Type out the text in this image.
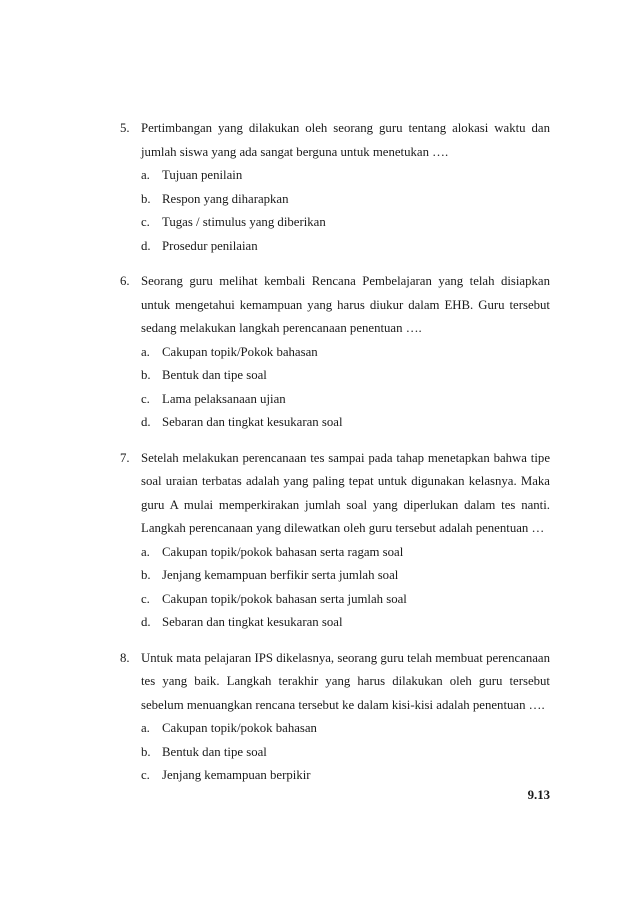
5. Pertimbangan yang dilakukan oleh seorang guru tentang alokasi waktu dan jumlah siswa yang ada sangat berguna untuk menetukan ….
a. Tujuan penilain
b. Respon yang diharapkan
c. Tugas / stimulus yang diberikan
d. Prosedur penilaian
6. Seorang guru melihat kembali Rencana Pembelajaran yang telah disiapkan untuk mengetahui kemampuan yang harus diukur dalam EHB. Guru tersebut sedang melakukan langkah perencanaan penentuan ….
a. Cakupan topik/Pokok bahasan
b. Bentuk dan tipe soal
c. Lama pelaksanaan ujian
d. Sebaran dan tingkat kesukaran soal
7. Setelah melakukan perencanaan tes sampai pada tahap menetapkan bahwa tipe soal uraian terbatas adalah yang paling tepat untuk digunakan kelasnya. Maka guru A mulai memperkirakan jumlah soal yang diperlukan dalam tes nanti. Langkah perencanaan yang dilewatkan oleh guru tersebut adalah penentuan …
a. Cakupan topik/pokok bahasan serta ragam soal
b. Jenjang kemampuan berfikir serta jumlah soal
c. Cakupan topik/pokok bahasan serta jumlah soal
d. Sebaran dan tingkat kesukaran soal
8. Untuk mata pelajaran IPS dikelasnya, seorang guru telah membuat perencanaan tes yang baik. Langkah terakhir yang harus dilakukan oleh guru tersebut sebelum menuangkan rencana tersebut ke dalam kisi-kisi adalah penentuan ….
a. Cakupan topik/pokok bahasan
b. Bentuk dan tipe soal
c. Jenjang kemampuan berpikir
9.13
